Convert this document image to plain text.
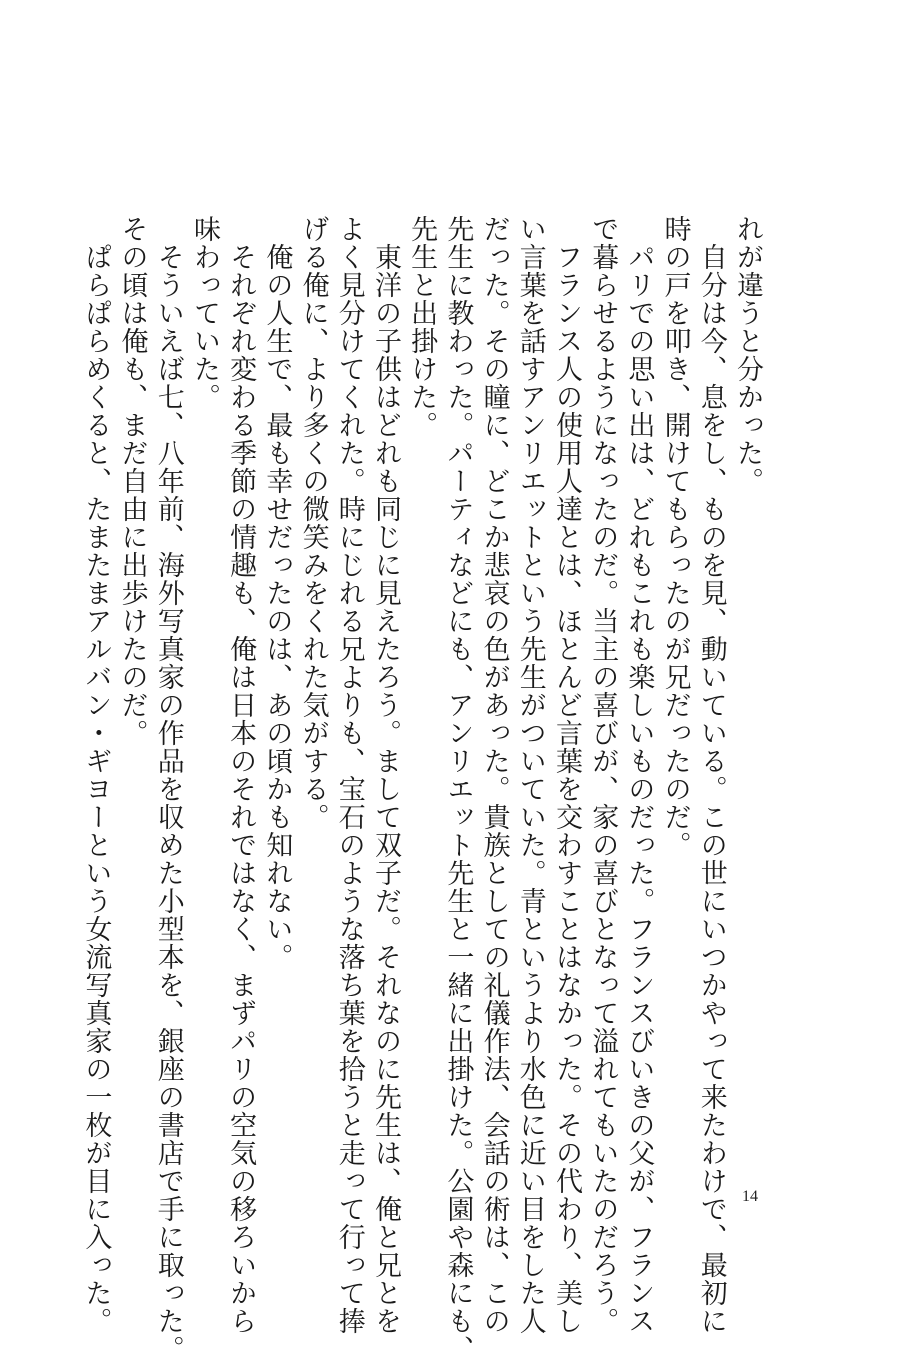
れが違うと分かった。
　自分は今、息をし、ものを見、動いている。この世にいつかやって来たわけで、最初に
時の戸を叩き、開けてもらったのが兄だったのだ。
　パリでの思い出は、どれもこれも楽しいものだった。フランスびいきの父が、フランス
で暮らせるようになったのだ。当主の喜びが、家の喜びとなって溢れてもいたのだろう。
　フランス人の使用人達とは、ほとんど言葉を交わすことはなかった。その代わり、美し
い言葉を話すアンリエットという先生がついていた。青というより水色に近い目をした人
だった。その瞳に、どこか悲哀の色があった。貴族としての礼儀作法、会話の術は、この
先生に教わった。パーティなどにも、アンリエット先生と一緒に出掛けた。公園や森にも、
先生と出掛けた。
　東洋の子供はどれも同じに見えたろう。まして双子だ。それなのに先生は、俺と兄とを
よく見分けてくれた。時にじれる兄よりも、宝石のような落ち葉を拾うと走って行って捧
げる俺に、より多くの微笑みをくれた気がする。
　俺の人生で、最も幸せだったのは、あの頃かも知れない。
　それぞれ変わる季節の情趣も、俺は日本のそれではなく、まずパリの空気の移ろいから
味わっていた。
　そういえば七、八年前、海外写真家の作品を収めた小型本を、銀座の書店で手に取った。
その頃は俺も、まだ自由に出歩けたのだ。
　ぱらぱらめくると、たまたまアルバン・ギヨーという女流写真家の一枚が目に入った。	14
